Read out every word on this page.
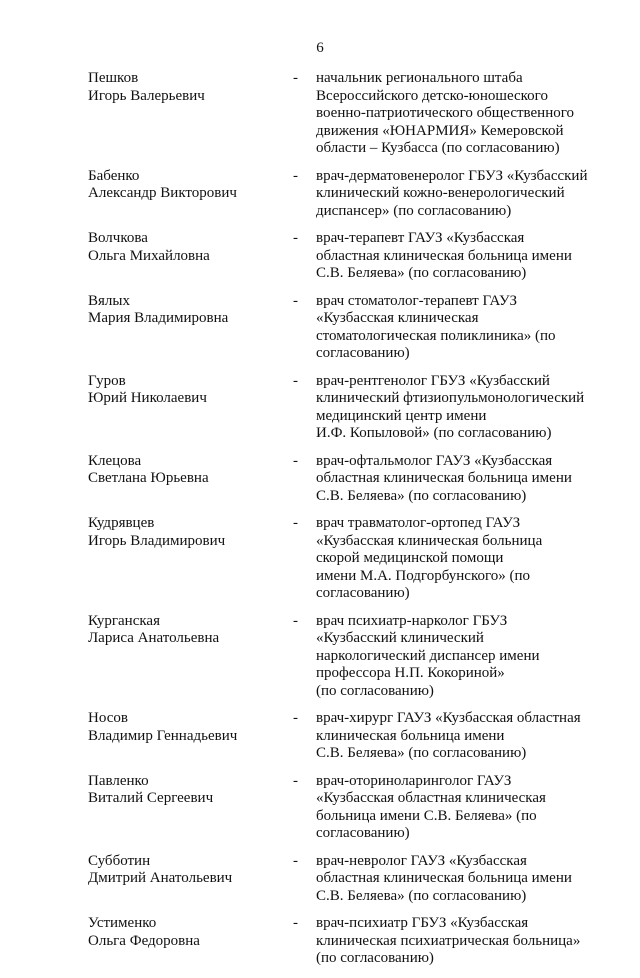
6
Пешков
Игорь Валерьевич
- начальник регионального штаба
Всероссийского детско-юношеского
военно-патриотического общественного
движения «ЮНАРМИЯ» Кемеровской
области – Кузбасса (по согласованию)
Бабенко
Александр Викторович
- врач-дерматовенеролог ГБУЗ «Кузбасский
клинический кожно-венерологический
диспансер» (по согласованию)
Волчкова
Ольга Михайловна
- врач-терапевт ГАУЗ «Кузбасская
областная клиническая больница имени
С.В. Беляева» (по согласованию)
Вялых
Мария Владимировна
- врач стоматолог-терапевт ГАУЗ
«Кузбасская клиническая
стоматологическая поликлиника» (по
согласованию)
Гуров
Юрий Николаевич
- врач-рентгенолог ГБУЗ «Кузбасский
клинический фтизиопульмонологический
медицинский центр имени
И.Ф. Копыловой» (по согласованию)
Клецова
Светлана Юрьевна
- врач-офтальмолог ГАУЗ «Кузбасская
областная клиническая больница имени
С.В. Беляева» (по согласованию)
Кудрявцев
Игорь Владимирович
- врач травматолог-ортопед ГАУЗ
«Кузбасская клиническая больница
скорой медицинской помощи
имени М.А. Подгорбунского» (по
согласованию)
Курганская
Лариса Анатольевна
- врач психиатр-нарколог ГБУЗ
«Кузбасский клинический
наркологический диспансер имени
профессора Н.П. Кокориной»
(по согласованию)
Носов
Владимир Геннадьевич
- врач-хирург ГАУЗ «Кузбасская областная
клиническая больница имени
С.В. Беляева» (по согласованию)
Павленко
Виталий Сергеевич
- врач-оториноларинголог ГАУЗ
«Кузбасская областная клиническая
больница имени С.В. Беляева» (по
согласованию)
Субботин
Дмитрий Анатольевич
- врач-невролог ГАУЗ «Кузбасская
областная клиническая больница имени
С.В. Беляева» (по согласованию)
Устименко
Ольга Федоровна
- врач-психиатр ГБУЗ «Кузбасская
клиническая психиатрическая больница»
(по согласованию)
